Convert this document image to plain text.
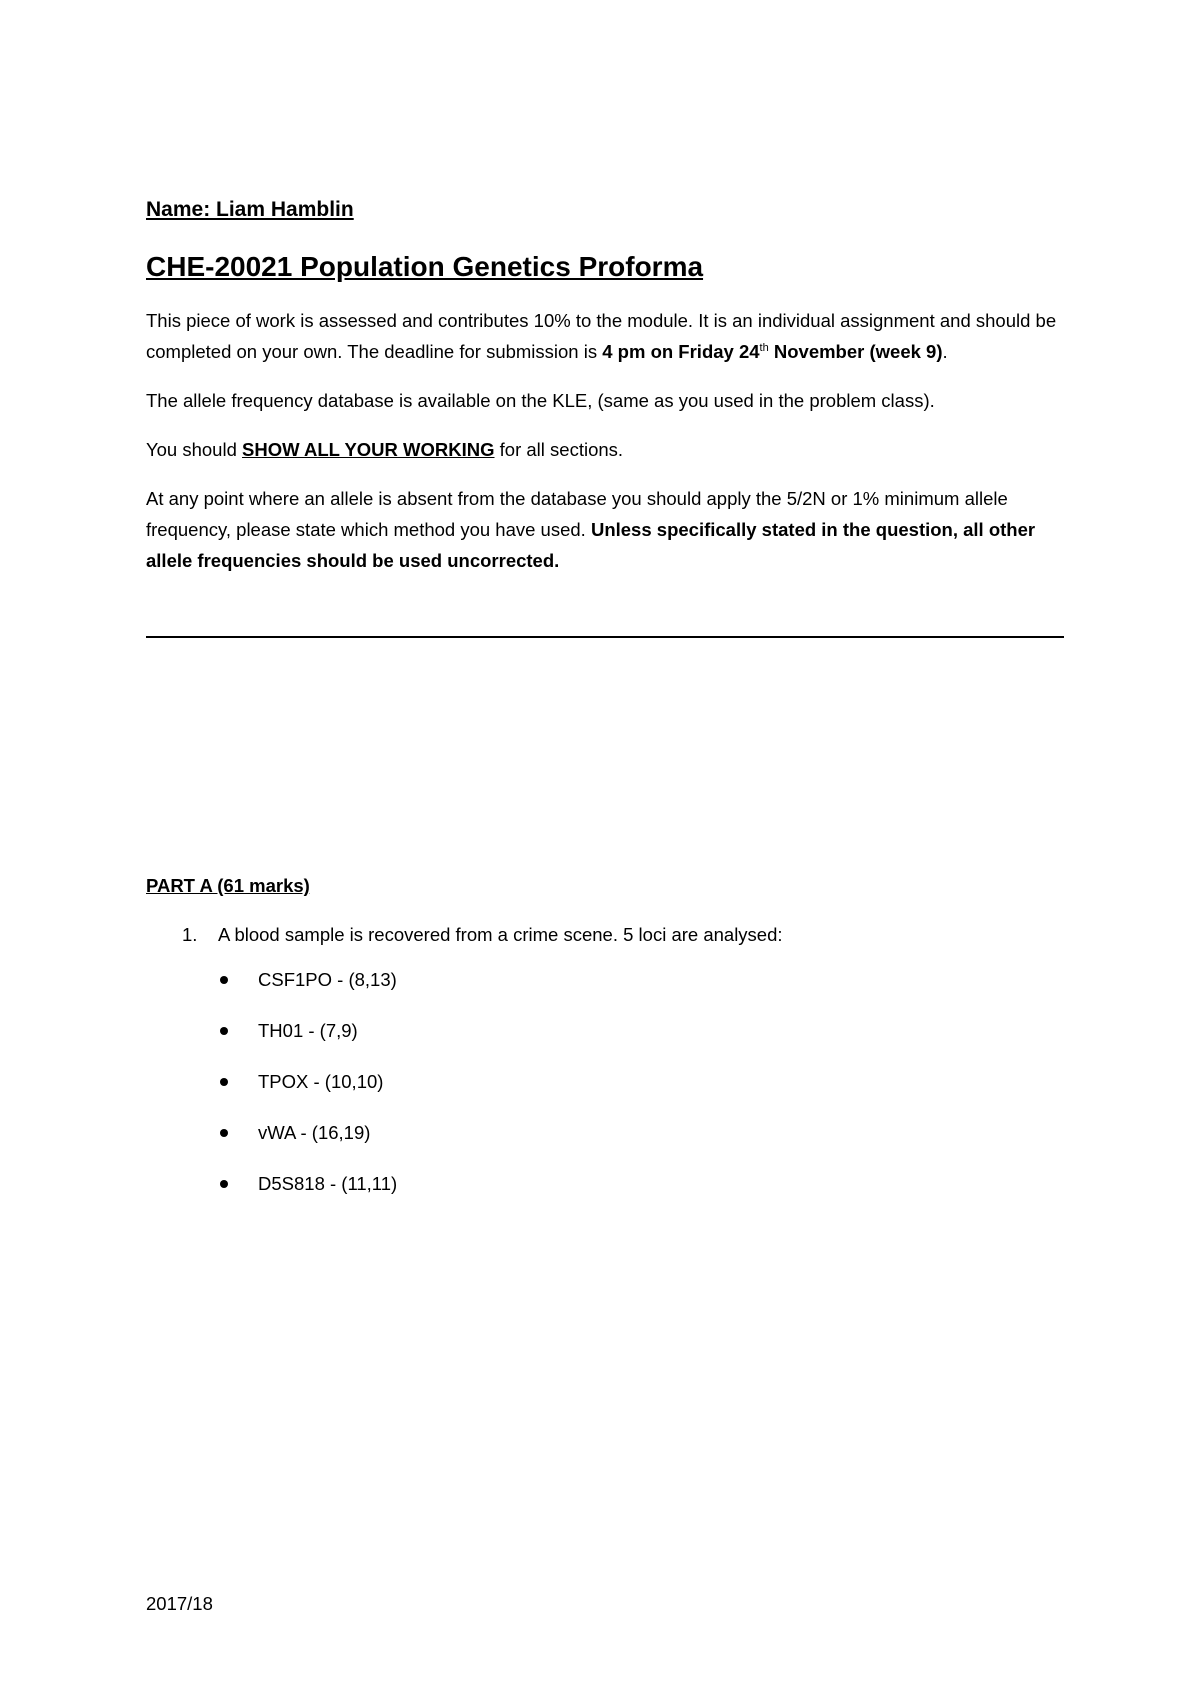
Name: Liam Hamblin

CHE-20021 Population Genetics Proforma

This piece of work is assessed and contributes 10% to the module. It is an individual assignment and should be completed on your own. The deadline for submission is 4 pm on Friday 24th November (week 9).

The allele frequency database is available on the KLE, (same as you used in the problem class).

You should SHOW ALL YOUR WORKING for all sections.

At any point where an allele is absent from the database you should apply the 5/2N or 1% minimum allele frequency, please state which method you have used. Unless specifically stated in the question, all other allele frequencies should be used uncorrected.

PART A (61 marks)

1.	A blood sample is recovered from a crime scene. 5 loci are analysed:
CSF1PO - (8,13)
TH01 - (7,9)
TPOX - (10,10)
vWA - (16,19)
D5S818 - (11,11)
2017/18
